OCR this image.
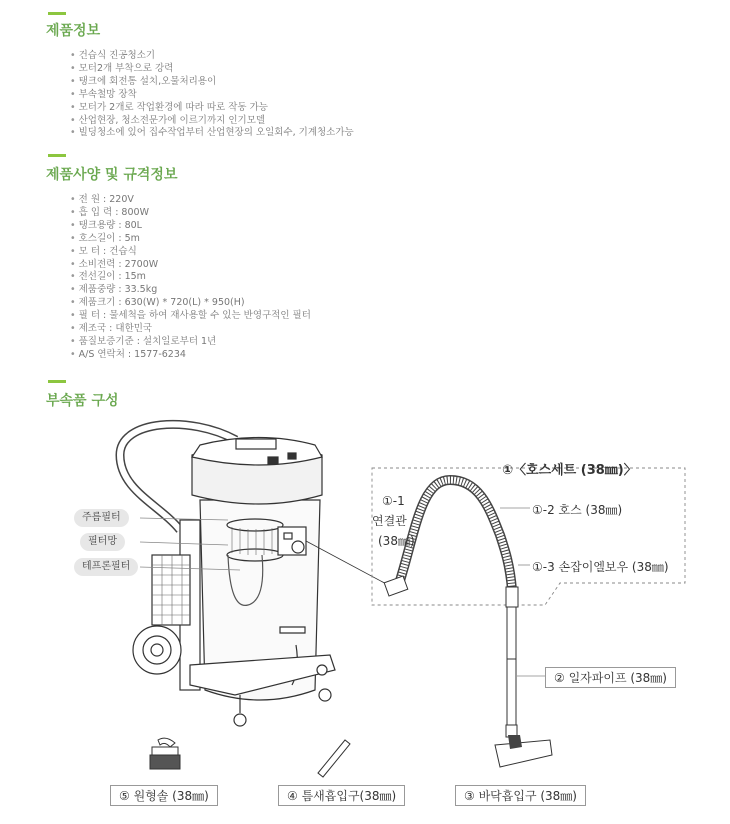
제품정보
• 건습식 진공청소기
• 모터2개 부착으로 강력
• 탱크에 회전통 설치,오물처리용이
• 부속철망 장착
• 모터가 2개로 작업환경에 따라 따로 작동 가능
• 산업현장, 청소전문가에 이르기까지 인기모델
• 빌딩청소에 있어 집수작업부터 산업현장의 오일회수, 기계청소가능
제품사양 및 규격정보
• 전 원 : 220V
• 흡 입 력 : 800W
• 탱크용량 : 80L
• 호스길이 : 5m
• 모 터 : 건습식
• 소비전력 : 2700W
• 전선길이 : 15m
• 제품중량 : 33.5kg
• 제품크기 : 630(W) * 720(L) * 950(H)
• 필 터 : 물세척을 하여 재사용할 수 있는 반영구적인 필터
• 제조국 : 대한민국
• 품질보증기준 : 설치일로부터 1년
• A/S 연락처 : 1577-6234
부속품 구성
주름필터
필터망
테프론필터
①〈호스세트 (38㎜)〉
①-1
연결관
(38㎜)
①-2 호스 (38㎜)
①-3 손잡이엘보우 (38㎜)
② 일자파이프 (38㎜)
⑤ 원형솔 (38㎜)	④ 틈새흡입구(38㎜)	③ 바닥흡입구 (38㎜)
